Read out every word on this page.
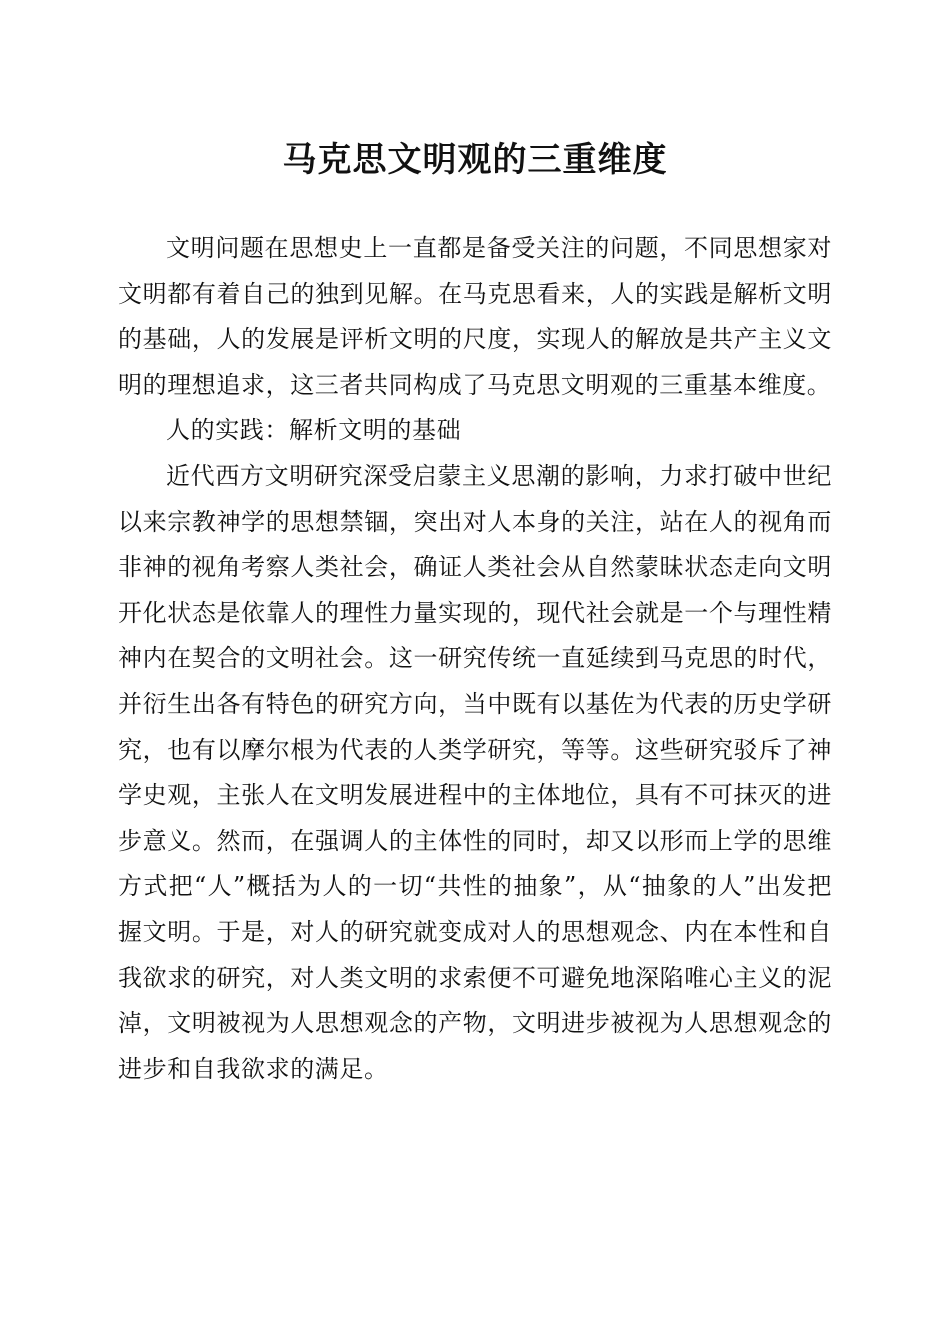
马克思文明观的三重维度

文明问题在思想史上一直都是备受关注的问题，不同思想家对文明都有着自己的独到见解。在马克思看来，人的实践是解析文明的基础，人的发展是评析文明的尺度，实现人的解放是共产主义文明的理想追求，这三者共同构成了马克思文明观的三重基本维度。

人的实践：解析文明的基础

近代西方文明研究深受启蒙主义思潮的影响，力求打破中世纪以来宗教神学的思想禁锢，突出对人本身的关注，站在人的视角而非神的视角考察人类社会，确证人类社会从自然蒙昧状态走向文明开化状态是依靠人的理性力量实现的，现代社会就是一个与理性精神内在契合的文明社会。这一研究传统一直延续到马克思的时代，并衍生出各有特色的研究方向，当中既有以基佐为代表的历史学研究，也有以摩尔根为代表的人类学研究，等等。这些研究驳斥了神学史观，主张人在文明发展进程中的主体地位，具有不可抹灭的进步意义。然而，在强调人的主体性的同时，却又以形而上学的思维方式把“人”概括为人的一切“共性的抽象”，从“抽象的人”出发把握文明。于是，对人的研究就变成对人的思想观念、内在本性和自我欲求的研究，对人类文明的求索便不可避免地深陷唯心主义的泥淖，文明被视为人思想观念的产物，文明进步被视为人思想观念的进步和自我欲求的满足。
